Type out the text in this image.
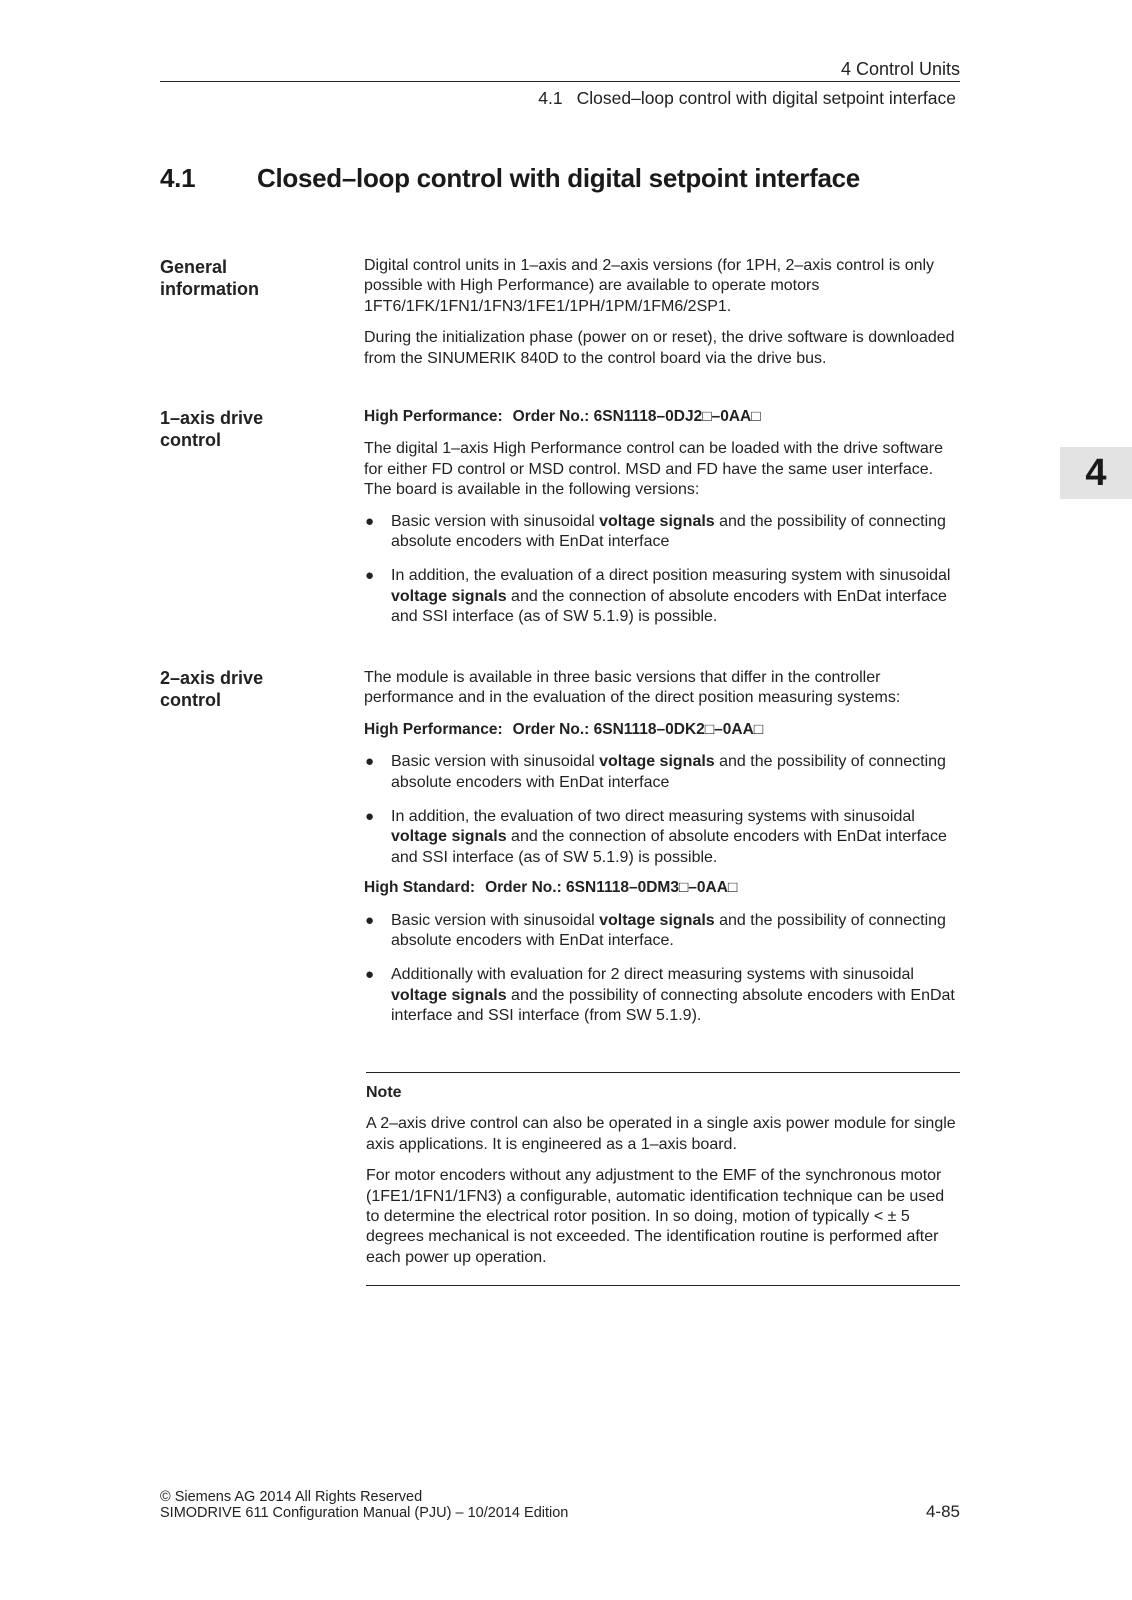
4 Control Units
4.1 Closed–loop control with digital setpoint interface
4.1 Closed–loop control with digital setpoint interface
General information

Digital control units in 1–axis and 2–axis versions (for 1PH, 2–axis control is only possible with High Performance) are available to operate motors 1FT6/1FK/1FN1/1FN3/1FE1/1PH/1PM/1FM6/2SP1.

During the initialization phase (power on or reset), the drive software is downloaded from the SINUMERIK 840D to the control board via the drive bus.

1–axis drive control
High Performance: Order No.: 6SN1118–0DJ2□–0AA□

The digital 1–axis High Performance control can be loaded with the drive software for either FD control or MSD control. MSD and FD have the same user interface. The board is available in the following versions:

● Basic version with sinusoidal voltage signals and the possibility of connecting absolute encoders with EnDat interface
● In addition, the evaluation of a direct position measuring system with sinusoidal voltage signals and the connection of absolute encoders with EnDat interface and SSI interface (as of SW 5.1.9) is possible.
4
2–axis drive control

The module is available in three basic versions that differ in the controller performance and in the evaluation of the direct position measuring systems:

High Performance: Order No.: 6SN1118–0DK2□–0AA□
● Basic version with sinusoidal voltage signals and the possibility of connecting absolute encoders with EnDat interface
● In addition, the evaluation of two direct measuring systems with sinusoidal voltage signals and the connection of absolute encoders with EnDat interface and SSI interface (as of SW 5.1.9) is possible.
High Standard: Order No.: 6SN1118–0DM3□–0AA□
● Basic version with sinusoidal voltage signals and the possibility of connecting absolute encoders with EnDat interface.
● Additionally with evaluation for 2 direct measuring systems with sinusoidal voltage signals and the possibility of connecting absolute encoders with EnDat interface and SSI interface (from SW 5.1.9).
Note

A 2–axis drive control can also be operated in a single axis power module for single axis applications. It is engineered as a 1–axis board.

For motor encoders without any adjustment to the EMF of the synchronous motor (1FE1/1FN1/1FN3) a configurable, automatic identification technique can be used to determine the electrical rotor position. In so doing, motion of typically < ± 5 degrees mechanical is not exceeded. The identification routine is performed after each power up operation.

© Siemens AG 2014 All Rights Reserved
SIMODRIVE 611 Configuration Manual (PJU) – 10/2014 Edition	4-85
